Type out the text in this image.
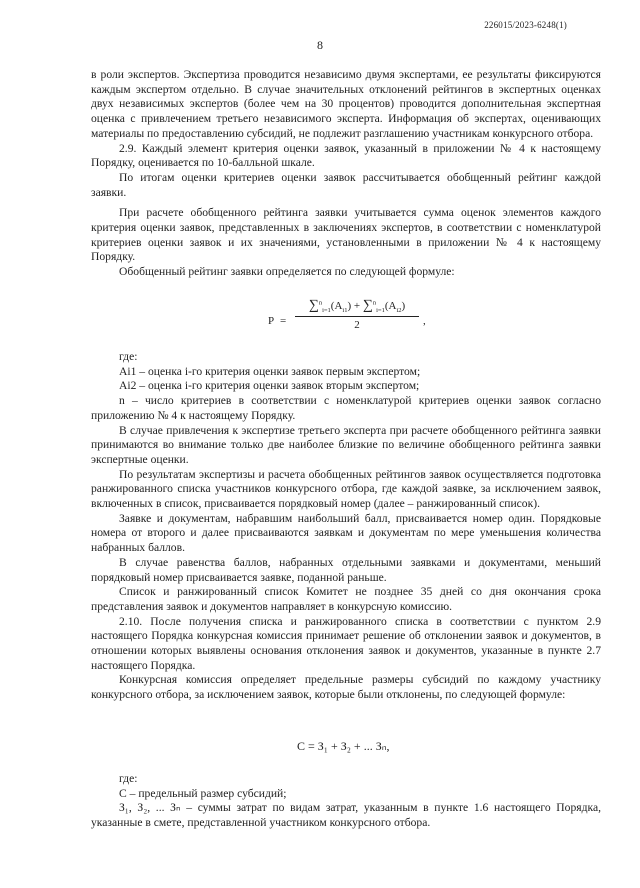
226015/2023-6248(1)
8

в роли экспертов. Экспертиза проводится независимо двумя экспертами, ее результаты фиксируются каждым экспертом отдельно. В случае значительных отклонений рейтингов в экспертных оценках двух независимых экспертов (более чем на 30 процентов) проводится дополнительная экспертная оценка с привлечением третьего независимого эксперта. Информация об экспертах, оценивающих материалы по предоставлению субсидий, не подлежит разглашению участникам конкурсного отбора.

2.9. Каждый элемент критерия оценки заявок, указанный в приложении № 4 к настоящему Порядку, оценивается по 10-балльной шкале.

По итогам оценки критериев оценки заявок рассчитывается обобщенный рейтинг каждой заявки.

При расчете обобщенного рейтинга заявки учитывается сумма оценок элементов каждого критерия оценки заявок, представленных в заключениях экспертов, в соответствии с номенклатурой критериев оценки заявок и их значениями, установленными в приложении № 4 к настоящему Порядку.

Обобщенный рейтинг заявки определяется по следующей формуле:

P =
$\sum^n_{i=1}(A_{i1}) + \sum^n_{i=1}(A_{i2})$
2	,

где:

Ai1 – оценка i-го критерия оценки заявок первым экспертом;

Ai2 – оценка i-го критерия оценки заявок вторым экспертом;

n – число критериев в соответствии с номенклатурой критериев оценки заявок согласно приложению № 4 к настоящему Порядку.

В случае привлечения к экспертизе третьего эксперта при расчете обобщенного рейтинга заявки принимаются во внимание только две наиболее близкие по величине обобщенного рейтинга заявки экспертные оценки.

По результатам экспертизы и расчета обобщенных рейтингов заявок осуществляется подготовка ранжированного списка участников конкурсного отбора, где каждой заявке, за исключением заявок, включенных в список, присваивается порядковый номер (далее – ранжированный список).

Заявке и документам, набравшим наибольший балл, присваивается номер один. Порядковые номера от второго и далее присваиваются заявкам и документам по мере уменьшения количества набранных баллов.

В случае равенства баллов, набранных отдельными заявками и документами, меньший порядковый номер присваивается заявке, поданной раньше.

Список и ранжированный список Комитет не позднее 35 дней со дня окончания срока представления заявок и документов направляет в конкурсную комиссию.

2.10. После получения списка и ранжированного списка в соответствии с пунктом 2.9 настоящего Порядка конкурсная комиссия принимает решение об отклонении заявок и документов, в отношении которых выявлены основания отклонения заявок и документов, указанные в пункте 2.7 настоящего Порядка.

Конкурсная комиссия определяет предельные размеры субсидий по каждому участнику конкурсного отбора, за исключением заявок, которые были отклонены, по следующей формуле:

С = З₁ + З₂ + ... Зₙ,

где:

С – предельный размер субсидий;

З₁, З₂, ... Зₙ – суммы затрат по видам затрат, указанным в пункте 1.6 настоящего Порядка, указанные в смете, представленной участником конкурсного отбора.
